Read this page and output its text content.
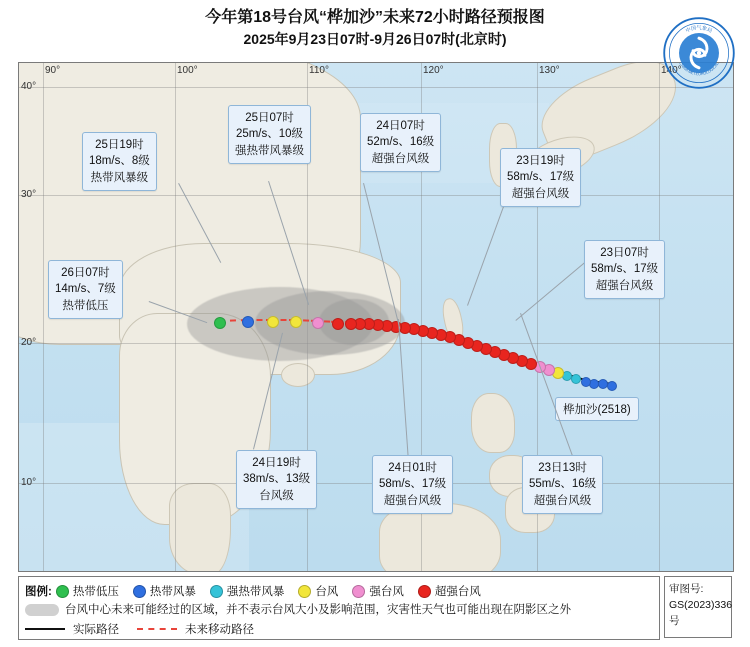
今年第18号台风“桦加沙”未来72小时路径预报图
2025年9月23日07时-9月26日07时(北京时)
90°	100°	110°	120°	130°	140°
40°
30°
20°
10°
桦加沙(2518)
25日19时
18m/s、8级
热带风暴级
25日07时
25m/s、10级
强热带风暴级
24日07时
52m/s、16级
超强台风级	23日19时
58m/s、17级
超强台风级
23日07时
58m/s、17级
超强台风级
26日07时
14m/s、7级
热带低压
24日19时
38m/s、13级
台风级
24日01时
58m/s、17级
超强台风级
23日13时
55m/s、16级
超强台风级
中国气象局
CHINA METEOROLOGICAL
图例: 热带低压	热带风暴	强热带风暴	台风	强台风	超强台风
台风中心未来可能经过的区域，并不表示台风大小及影响范围，灾害性天气也可能出现在阴影区之外
实际路径	未来移动路径
审图号:
GS(2023)336号
